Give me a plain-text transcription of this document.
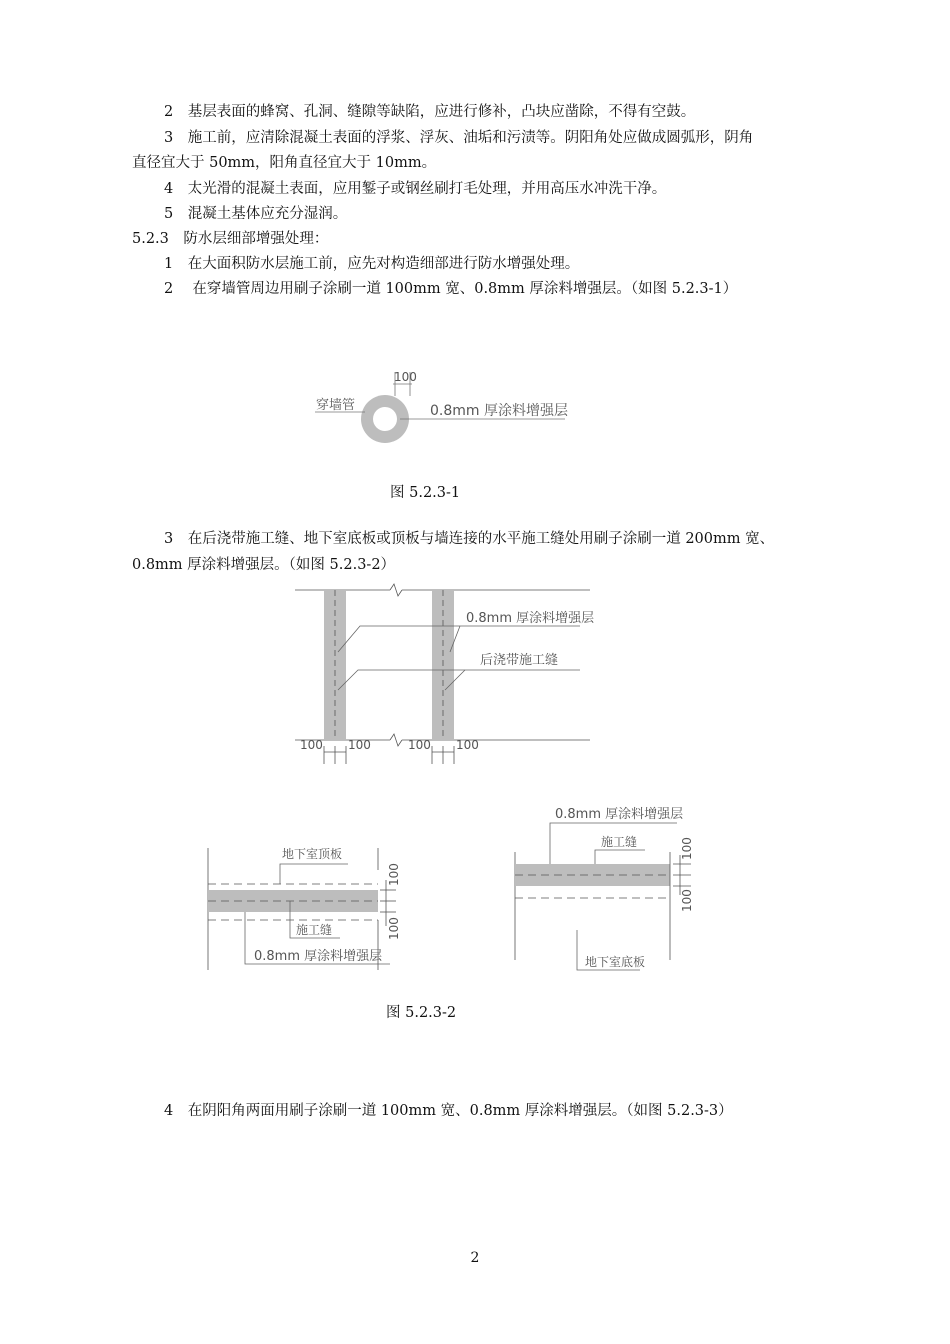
2　基层表面的蜂窝、孔洞、缝隙等缺陷，应进行修补，凸块应凿除，不得有空鼓。
3　施工前，应清除混凝土表面的浮浆、浮灰、油垢和污渍等。阴阳角处应做成圆弧形，阴角
直径宜大于 50mm，阳角直径宜大于 10mm。
4　太光滑的混凝土表面，应用錾子或钢丝刷打毛处理，并用高压水冲洗干净。
5　混凝土基体应充分湿润。
5.2.3　防水层细部增强处理：
1　在大面积防水层施工前，应先对构造细部进行防水增强处理。
2　 在穿墙管周边用刷子涂刷一道 100mm 宽、0.8mm 厚涂料增强层。（如图 5.2.3-1）
100
穿墙管	0.8mm 厚涂料增强层
图 5.2.3-1
3　在后浇带施工缝、地下室底板或顶板与墙连接的水平施工缝处用刷子涂刷一道 200mm 宽、
0.8mm 厚涂料增强层。（如图 5.2.3-2）
0.8mm 厚涂料增强层
后浇带施工缝
100 100	100 100
地下室顶板
施工缝
0.8mm 厚涂料增强层
100
100
0.8mm 厚涂料增强层
施工缝
地下室底板
100
100
图 5.2.3-2
4　在阴阳角两面用刷子涂刷一道 100mm 宽、0.8mm 厚涂料增强层。（如图 5.2.3-3）
2
